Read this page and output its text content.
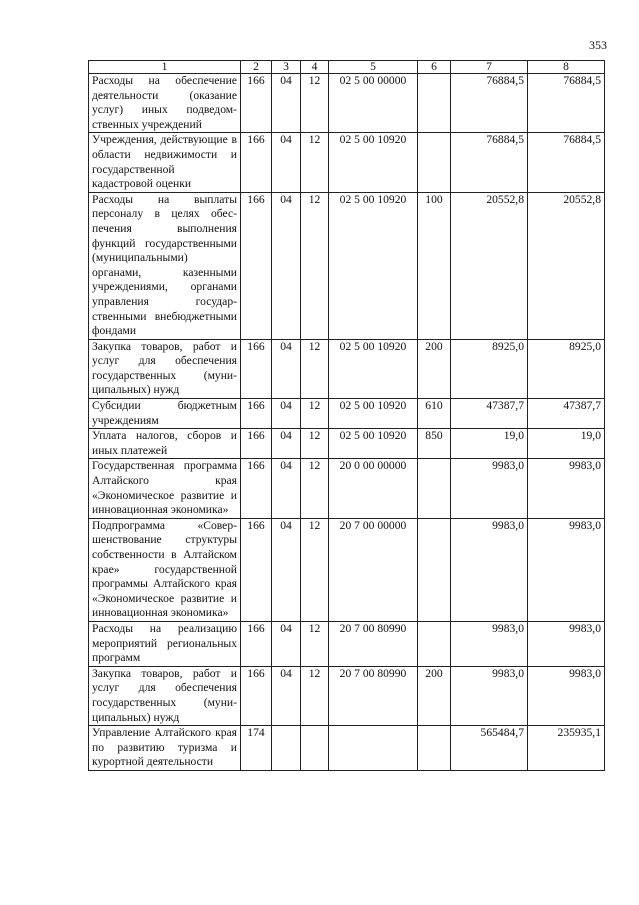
353
1	2	3	4	5	6	7	8
Расходы на обеспечение деятельности (оказание услуг) иных подведомственных учреждений	166	04	12	02 5 00 00000		76884,5	76884,5
Учреждения, действующие в области недвижимости и государственной кадастровой оценки	166	04	12	02 5 00 10920		76884,5	76884,5
Расходы на выплаты персоналу в целях обеспечения выполнения функций государственными (муниципальными) органами, казенными учреждениями, органами управления государственными внебюджетными фондами	166	04	12	02 5 00 10920	100	20552,8	20552,8
Закупка товаров, работ и услуг для обеспечения государственных (муниципальных) нужд	166	04	12	02 5 00 10920	200	8925,0	8925,0
Субсидии бюджетным учреждениям	166	04	12	02 5 00 10920	610	47387,7	47387,7
Уплата налогов, сборов и иных платежей	166	04	12	02 5 00 10920	850	19,0	19,0
Государственная программа Алтайского края «Экономическое развитие и инновационная экономика»	166	04	12	20 0 00 00000		9983,0	9983,0
Подпрограмма «Совершенствование структуры собственности в Алтайском крае» государственной программы Алтайского края «Экономическое развитие и инновационная экономика»	166	04	12	20 7 00 00000		9983,0	9983,0
Расходы на реализацию мероприятий региональных программ	166	04	12	20 7 00 80990		9983,0	9983,0
Закупка товаров, работ и услуг для обеспечения государственных (муниципальных) нужд	166	04	12	20 7 00 80990	200	9983,0	9983,0
Управление Алтайского края по развитию туризма и курортной деятельности	174					565484,7	235935,1
